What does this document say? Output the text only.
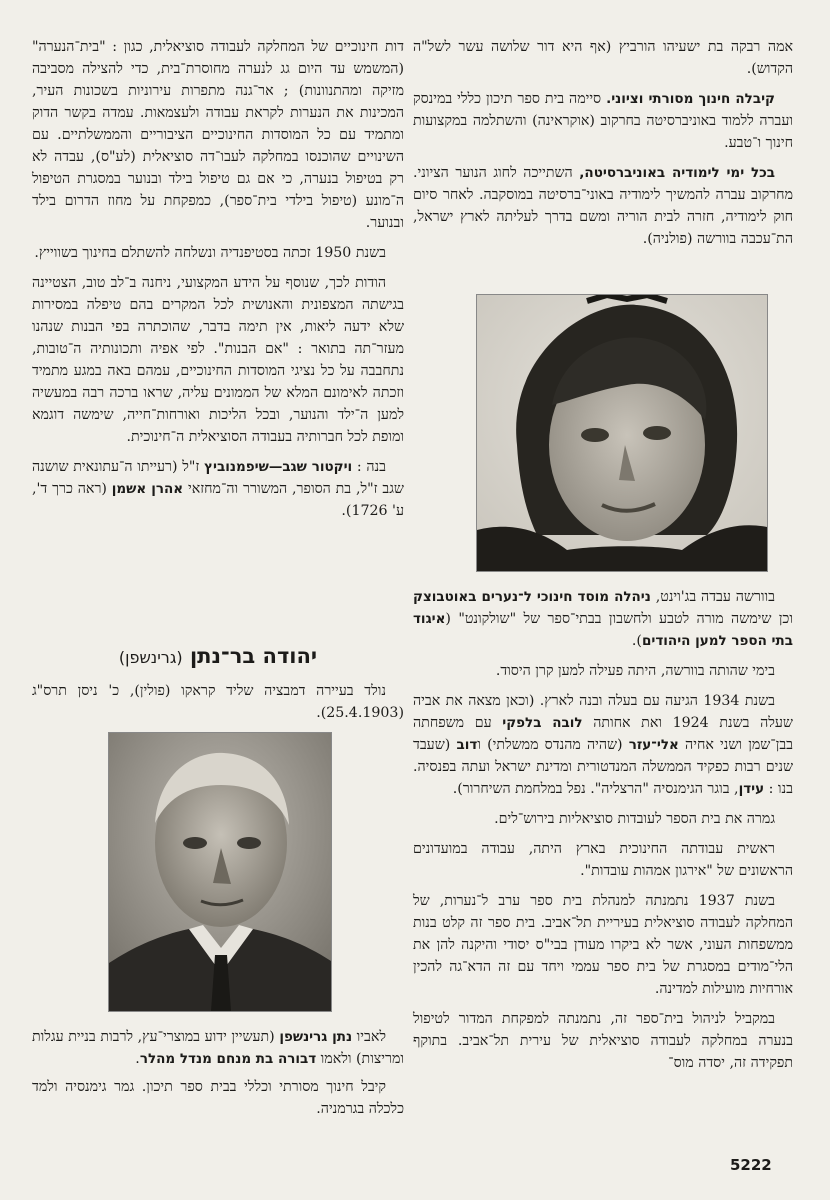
אמה רבקה בת ישעיהו הורביץ (אף היא דור שלושה עשר לשל"ה הקדוש).

קיבלה חינוך מסורתי וציוני. סיימה בית ספר תיכון כללי במינסק ועברה ללמוד באוניברסיטה בחרקוב (אוקראינה) והשתלמה במקצועות חינוך ו־טבע.

בכל ימי לימודיה באוניברסיטה, השתייכה לחוג הנוער הציוני. מחרקוב עברה להמשיך לימודיה באוני־ברסיטה במוסקבה. לאחר סיום חוק לימודיה, חזרה לבית הוריה ומשם בדרך לעליתה לארץ ישראל, הת־עכבה בוורשה (פולניה).

בוורשה עבדה בג'וינט, ניהלה מוסד חינוכי ל־נערים באוטבוצק וכן שימשה מורה לטבע ולחשבון בבתי־ספר של "שולקונט" (איגוד בתי הספר למען היהודים).

בימי שהותה בוורשה, היתה פעילה למען קרן היסוד.

בשנת 1934 הגיעה עם בעלה ובנה לארץ. (וכאן מצאה את אביה שעלה בשנת 1924 ואת אחותה לובה בלפקי עם משפחתה בבן־שמן ושני אחיה אלי־עזר (שהיה מהנדס ממשלתי) ודוב (שעבד שנים רבות כפקיד הממשלה המנדטורית ומדינת ישראל ועתה בפנסיה. בנו : עידן, בוגר הגימנסיה "הרצליה". נפל במלחמת השיחרור).

גמרה את בית הספר לעובדות סוציאליות בירוש־לים.

ראשית עבודתה החינוכית בארץ היתה, עבודה במועדונים הראשונים של "אירגון אמהות עובדות".

בשנת 1937 נתמנתה למנהלת בית ספר ערב ל־נערות, של המחלקה לעבודה סוציאלית בעיריית תל־אביב. בית ספר זה קלט בנות ממשפחות העוני, אשר לא ביקרו מעודן בבי"ס יסודי והיקנה להן את הלי־מודים במסגרת של בית ספר עממי ויחד עם זה הדא־גה להכין אורחיות מועילות למדינה.

במקביל לניהול בית־ספר זה, נתמנתה למפקחת המדור לטיפול בנערה במחלקה לעבודה סוציאלית של עירית תל־אביב. בתוקף תפקידה זה, יסדה מוס־

דות חינוכיים של המחלקה לעבודה סוציאלית, כגון : "בית־הנערה" (המשמש עד היום גג לנערה מחוסרת־בית, כדי להצילה מסביבה מזיקה ומהתנוונות) ; אר־גנה מתפרות עירוניות בשכונות העיר, המכינות את הנערות לקראת עבודה ולעצמאות. עמדה בקשר הדוק ומתמיד עם כל המוסדות החינוכיים הציבוריים והממשלתיים. עם השינויים שהוכנסו במחלקה לעבו־דה סוציאלית (לע"ס), עבדה לא רק בטיפול בנערה, כי אם גם טיפול בילד ובנוער במסגרת הטיפול ה־מונע (טיפול בילדי בית־ספר), כמפקחת על מחוז הדרום בילד ובנוער.

בשנת 1950 זכתה בסטיפנדיה ונשלחה להשתלם בחינוך בשווייץ.

הודות לכך, שנוסף על הידע המקצועי, ניחנה ב־לב טוב, הצטיינה בגישתה המצפונית והאנושית לכל המקרים בהם טיפלה במסירות שלא ידעה ליאות, אין תימה בדבר, שהוכתרה בפי הבנות שנהנו מעזר־תה בתואר : "אם הבנות". לפי אפיה ותכונותיה ה־טובות, נתחבבה על כל נציגי המוסדות החינוכיים, עמהם באה במגע מתמיד וזכתה לאימונם המלא של הממונים עליה, שראו ברכה רבה במעשיה למען ה־ילד והנוער, ובכל הליכות ואורחות־חייה, שימשה דוגמא ומופת לכל חברותיה בעבודה הסוציאלית ה־חינוכית.

בנה : ויקטור שגב—שיפמנוביץ ז"ל (רעייתו ה־עתונאית שושנה שגב ז"ל, בת הסופר, המשורר וה־מחזאי אהרן אשמן (ראה כרך ד', ע' 1726).

יהודה בר־נתן (גרינשפן)

נולד בעיירה דמבציה שליד קראקו (פולין), כ' ניסן תרס"ג (25.4.1903).

לאביו נתן גרינשפן (תעשיין ידוע במוצרי־עץ, לרבות בניית עגלות ומריצות) ולאמו דבורה בת מנחם מנדל מהלר.

קיבל חינוך מסורתי וכללי בבית ספר תיכון. גמר גימנסיה ולמד כלכלה בגרמניה.

5222
